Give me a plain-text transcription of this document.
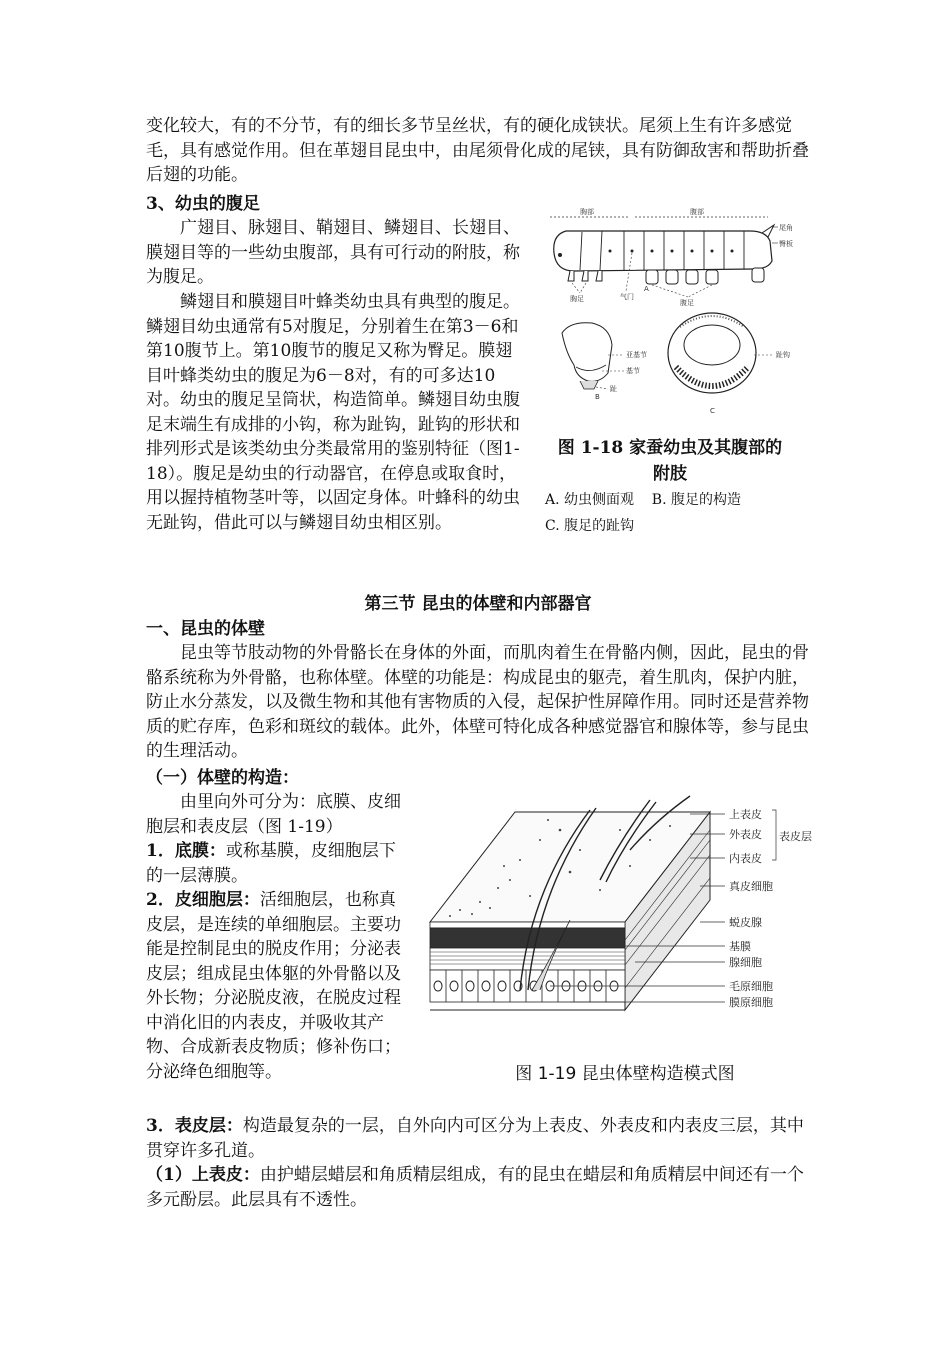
变化较大，有的不分节，有的细长多节呈丝状，有的硬化成铗状。尾须上生有许多感觉毛，具有感觉作用。但在革翅目昆虫中，由尾须骨化成的尾铗，具有防御敌害和帮助折叠后翅的功能。

3、幼虫的腹足

广翅目、脉翅目、鞘翅目、鳞翅目、长翅目、膜翅目等的一些幼虫腹部，具有可行动的附肢，称为腹足。

鳞翅目和膜翅目叶蜂类幼虫具有典型的腹足。鳞翅目幼虫通常有5对腹足，分别着生在第3－6和第10腹节上。第10腹节的腹足又称为臀足。膜翅目叶蜂类幼虫的腹足为6－8对，有的可多达10对。幼虫的腹足呈筒状，构造简单。鳞翅目幼虫腹足末端生有成排的小钩，称为趾钩，趾钩的形状和排列形式是该类幼虫分类最常用的鉴别特征（图1-18）。腹足是幼虫的行动器官，在停息或取食时，用以握持植物茎叶等，以固定身体。叶蜂科的幼虫无趾钩，借此可以与鳞翅目幼虫相区别。

胸部	腹部
尾角
臀板
胸足	气门
A
腹足
亚基节
基节
趾
B
趾钩
C
图 1-18 家蚕幼虫及其腹部的
附肢
A. 幼虫侧面观    B. 腹足的构造
C. 腹足的趾钩

第三节 昆虫的体壁和内部器官

一、昆虫的体壁

昆虫等节肢动物的外骨骼长在身体的外面，而肌肉着生在骨骼内侧，因此，昆虫的骨骼系统称为外骨骼，也称体壁。体壁的功能是：构成昆虫的躯壳，着生肌肉，保护内脏，防止水分蒸发，以及微生物和其他有害物质的入侵，起保护性屏障作用。同时还是营养物质的贮存库，色彩和斑纹的载体。此外，体壁可特化成各种感觉器官和腺体等，参与昆虫的生理活动。

（一）体壁的构造：

由里向外可分为：底膜、皮细胞层和表皮层（图 1-19）
1．底膜：或称基膜，皮细胞层下的一层薄膜。
2．皮细胞层：活细胞层，也称真皮层，是连续的单细胞层。主要功能是控制昆虫的脱皮作用；分泌表皮层；组成昆虫体躯的外骨骼以及外长物；分泌脱皮液，在脱皮过程中消化旧的内表皮，并吸收其产物、合成新表皮物质；修补伤口；分泌绛色细胞等。
上表皮
外表皮
内表皮
表皮层
真皮细胞
蜕皮腺
基膜
腺细胞
毛原细胞
膜原细胞
图 1-19 昆虫体壁构造模式图

3．表皮层：构造最复杂的一层，自外向内可区分为上表皮、外表皮和内表皮三层，其中贯穿许多孔道。

（1）上表皮：由护蜡层蜡层和角质精层组成，有的昆虫在蜡层和角质精层中间还有一个多元酚层。此层具有不透性。
